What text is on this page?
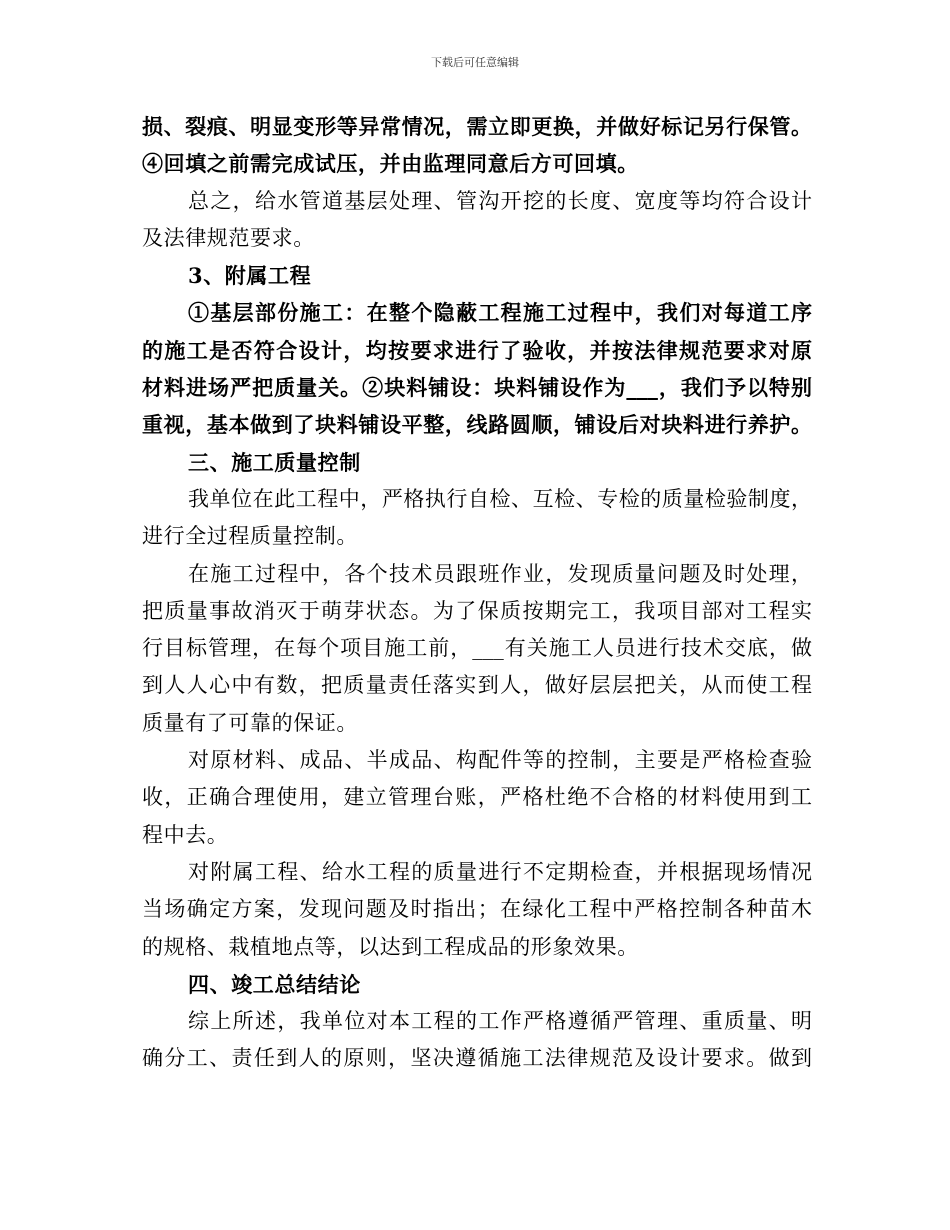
下载后可任意编辑
损、裂痕、明显变形等异常情况，需立即更换，并做好标记另行保管。
④回填之前需完成试压，并由监理同意后方可回填。
总之，给水管道基层处理、管沟开挖的长度、宽度等均符合设计
及法律规范要求。
3、附属工程
①基层部份施工：在整个隐蔽工程施工过程中，我们对每道工序
的施工是否符合设计，均按要求进行了验收，并按法律规范要求对原
材料进场严把质量关。②块料铺设：块料铺设作为___，我们予以特别
重视，基本做到了块料铺设平整，线路圆顺，铺设后对块料进行养护。
三、施工质量控制
我单位在此工程中，严格执行自检、互检、专检的质量检验制度，
进行全过程质量控制。
在施工过程中，各个技术员跟班作业，发现质量问题及时处理，
把质量事故消灭于萌芽状态。为了保质按期完工，我项目部对工程实
行目标管理，在每个项目施工前，___有关施工人员进行技术交底，做
到人人心中有数，把质量责任落实到人，做好层层把关，从而使工程
质量有了可靠的保证。
对原材料、成品、半成品、构配件等的控制，主要是严格检查验
收，正确合理使用，建立管理台账，严格杜绝不合格的材料使用到工
程中去。
对附属工程、给水工程的质量进行不定期检查，并根据现场情况
当场确定方案，发现问题及时指出；在绿化工程中严格控制各种苗木
的规格、栽植地点等，以达到工程成品的形象效果。
四、竣工总结结论
综上所述，我单位对本工程的工作严格遵循严管理、重质量、明
确分工、责任到人的原则，坚决遵循施工法律规范及设计要求。做到
